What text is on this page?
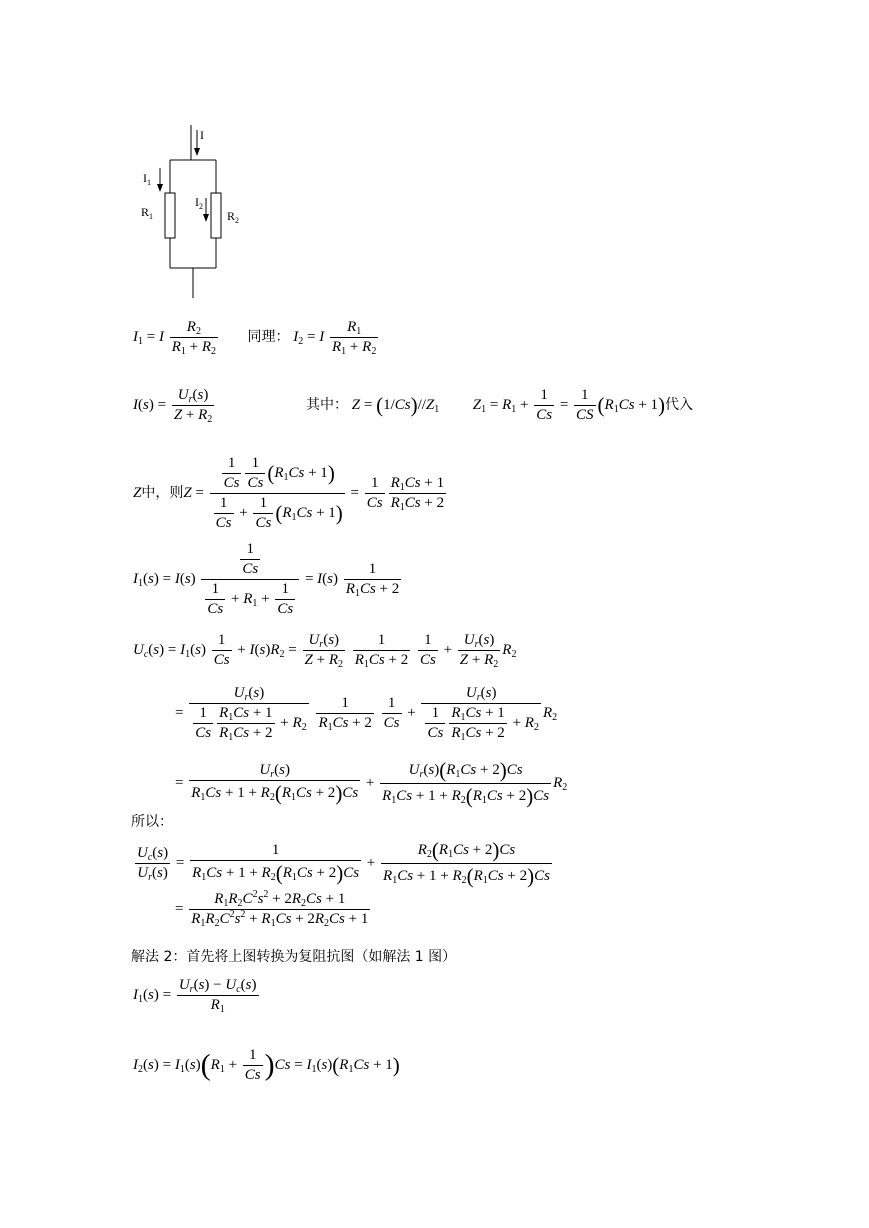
I
$I_1$
$R_1$
$I_2$
$R_2$
$I_1 = I \frac{R_2}{R_1 + R_2}$ 同理： $I_2 = I \frac{R_1}{R_1 + R_2}$
$I(s) = \frac{U_r(s)}{Z + R_2}$	其中： $Z = (1/Cs)//Z_1$ $Z_1 = R_1 + \frac{1}{Cs} = \frac{1}{CS} (R_1Cs + 1)$代入
Z中，则$Z = \frac{\frac{1}{Cs} \frac{1}{Cs} (R_1Cs + 1)}{\frac{1}{Cs} + \frac{1}{Cs} (R_1Cs + 1)} = \frac{1}{Cs} \frac{R_1Cs + 1}{R_1Cs + 2}$
$I_1(s) = I(s) \frac{\frac{1}{Cs}}{\frac{1}{Cs} + R_1 + \frac{1}{Cs}} = I(s) \frac{1}{R_1Cs + 2}$
$U_c(s) = I_1(s) \frac{1}{Cs} + I(s)R_2 = \frac{U_r(s)}{Z + R_2}$
$\frac{1}{R_1Cs + 2}$
$\frac{1}{Cs} + \frac{U_r(s)}{Z + R_2} R_2$
=
$U_r(s)$
$\frac{1}{Cs} \frac{R_1Cs + 1}{R_1Cs + 2} + R_2$
$\frac{1}{R_1Cs + 2}$
$\frac{1}{Cs}$ +
$U_r(s)$
$\frac{1}{Cs} \frac{R_1Cs + 1}{R_1Cs + 2} + R_2$
$R_2$
= $\frac{U_r(s)}{R_1Cs + 1 + R_2(R_1Cs + 2)Cs} + \frac{U_r(s)(R_1Cs + 2)Cs}{R_1Cs + 1 + R_2(R_1Cs + 2)Cs} R_2$
所以：
$\frac{U_c(s)}{U_r(s)} = \frac{1}{R_1Cs + 1 + R_2(R_1Cs + 2)Cs} + \frac{R_2(R_1Cs + 2)Cs}{R_1Cs + 1 + R_2(R_1Cs + 2)Cs}$
= $\frac{R_1R_2C^2s^2 + 2R_2Cs + 1}{R_1R_2C^2s^2 + R_1Cs + 2R_2Cs + 1}$
解法 2：首先将上图转换为复阻抗图（如解法 1 图）
$I_1(s) = \frac{U_r(s) - U_c(s)}{R_1}$
$I_2(s) = I_1(s)(R_1 + \frac{1}{Cs} )Cs = I_1(s)(R_1Cs + 1)$
